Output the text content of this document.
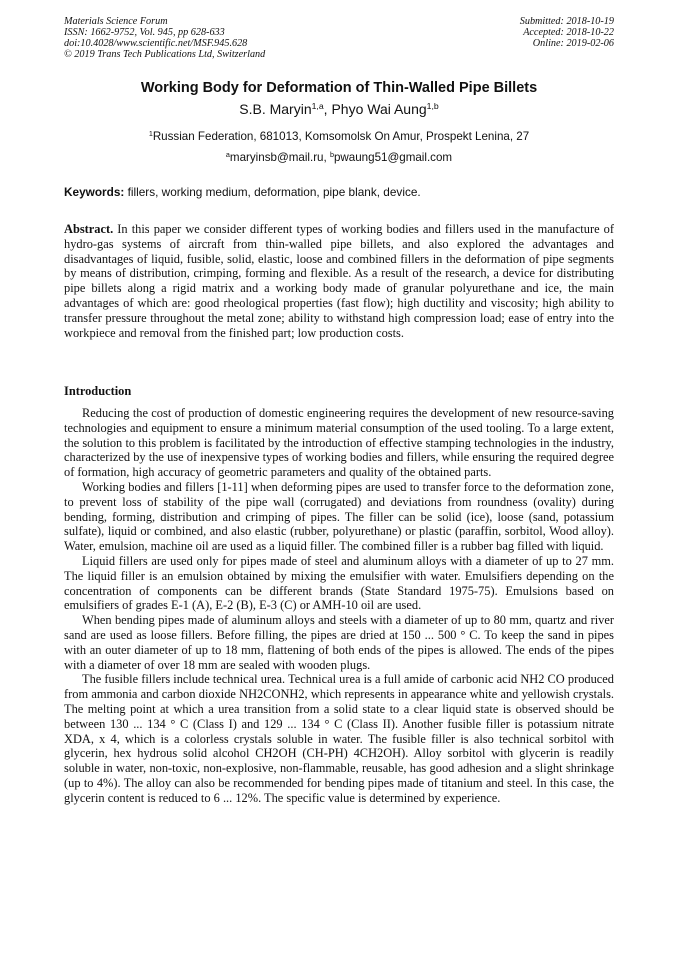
Materials Science Forum
ISSN: 1662-9752, Vol. 945, pp 628-633
doi:10.4028/www.scientific.net/MSF.945.628
© 2019 Trans Tech Publications Ltd, Switzerland
Submitted: 2018-10-19
Accepted: 2018-10-22
Online: 2019-02-06
Working Body for Deformation of Thin-Walled Pipe Billets
S.B. Maryin$^{1,a}$, Phyo Wai Aung$^{1,b}$
$^1$Russian Federation, 681013, Komsomolsk On Amur, Prospekt Lenina, 27
$^a$maryinsb@mail.ru, $^b$pwaung51@gmail.com
Keywords: fillers, working medium, deformation, pipe blank, device.

Abstract. In this paper we consider different types of working bodies and fillers used in the manufacture of hydro-gas systems of aircraft from thin-walled pipe billets, and also explored the advantages and disadvantages of liquid, fusible, solid, elastic, loose and combined fillers in the deformation of pipe segments by means of distribution, crimping, forming and flexible. As a result of the research, a device for distributing pipe billets along a rigid matrix and a working body made of granular polyurethane and ice, the main advantages of which are: good rheological properties (fast flow); high ductility and viscosity; high ability to transfer pressure throughout the metal zone; ability to withstand high compression load; ease of entry into the workpiece and removal from the finished part; low production costs.

Introduction

Reducing the cost of production of domestic engineering requires the development of new resource-saving technologies and equipment to ensure a minimum material consumption of the used tooling. To a large extent, the solution to this problem is facilitated by the introduction of effective stamping technologies in the industry, characterized by the use of inexpensive types of working bodies and fillers, while ensuring the required degree of formation, high accuracy of geometric parameters and quality of the obtained parts.

Working bodies and fillers [1-11] when deforming pipes are used to transfer force to the deformation zone, to prevent loss of stability of the pipe wall (corrugated) and deviations from roundness (ovality) during bending, forming, distribution and crimping of pipes. The filler can be solid (ice), loose (sand, potassium sulfate), liquid or combined, and also elastic (rubber, polyurethane) or plastic (paraffin, sorbitol, Wood alloy). Water, emulsion, machine oil are used as a liquid filler. The combined filler is a rubber bag filled with liquid.

Liquid fillers are used only for pipes made of steel and aluminum alloys with a diameter of up to 27 mm. The liquid filler is an emulsion obtained by mixing the emulsifier with water. Emulsifiers depending on the concentration of components can be different brands (State Standard 1975-75). Emulsions based on emulsifiers of grades E-1 (A), E-2 (B), E-3 (C) or AMH-10 oil are used.

When bending pipes made of aluminum alloys and steels with a diameter of up to 80 mm, quartz and river sand are used as loose fillers. Before filling, the pipes are dried at 150 ... 500 ° C. To keep the sand in pipes with an outer diameter of up to 18 mm, flattening of both ends of the pipes is allowed. The ends of the pipes with a diameter of over 18 mm are sealed with wooden plugs.

The fusible fillers include technical urea. Technical urea is a full amide of carbonic acid NH2 CO produced from ammonia and carbon dioxide NH2CONH2, which represents in appearance white and yellowish crystals. The melting point at which a urea transition from a solid state to a clear liquid state is observed should be between 130 ... 134 ° C (Class I) and 129 ... 134 ° C (Class II). Another fusible filler is potassium nitrate XDA, x 4, which is a colorless crystals soluble in water. The fusible filler is also technical sorbitol with glycerin, hex hydrous solid alcohol CH2OH (CH-PH) 4CH2OH). Alloy sorbitol with glycerin is readily soluble in water, non-toxic, non-explosive, non-flammable, reusable, has good adhesion and a slight shrinkage (up to 4%). The alloy can also be recommended for bending pipes made of titanium and steel. In this case, the glycerin content is reduced to 6 ... 12%. The specific value is determined by experience.
